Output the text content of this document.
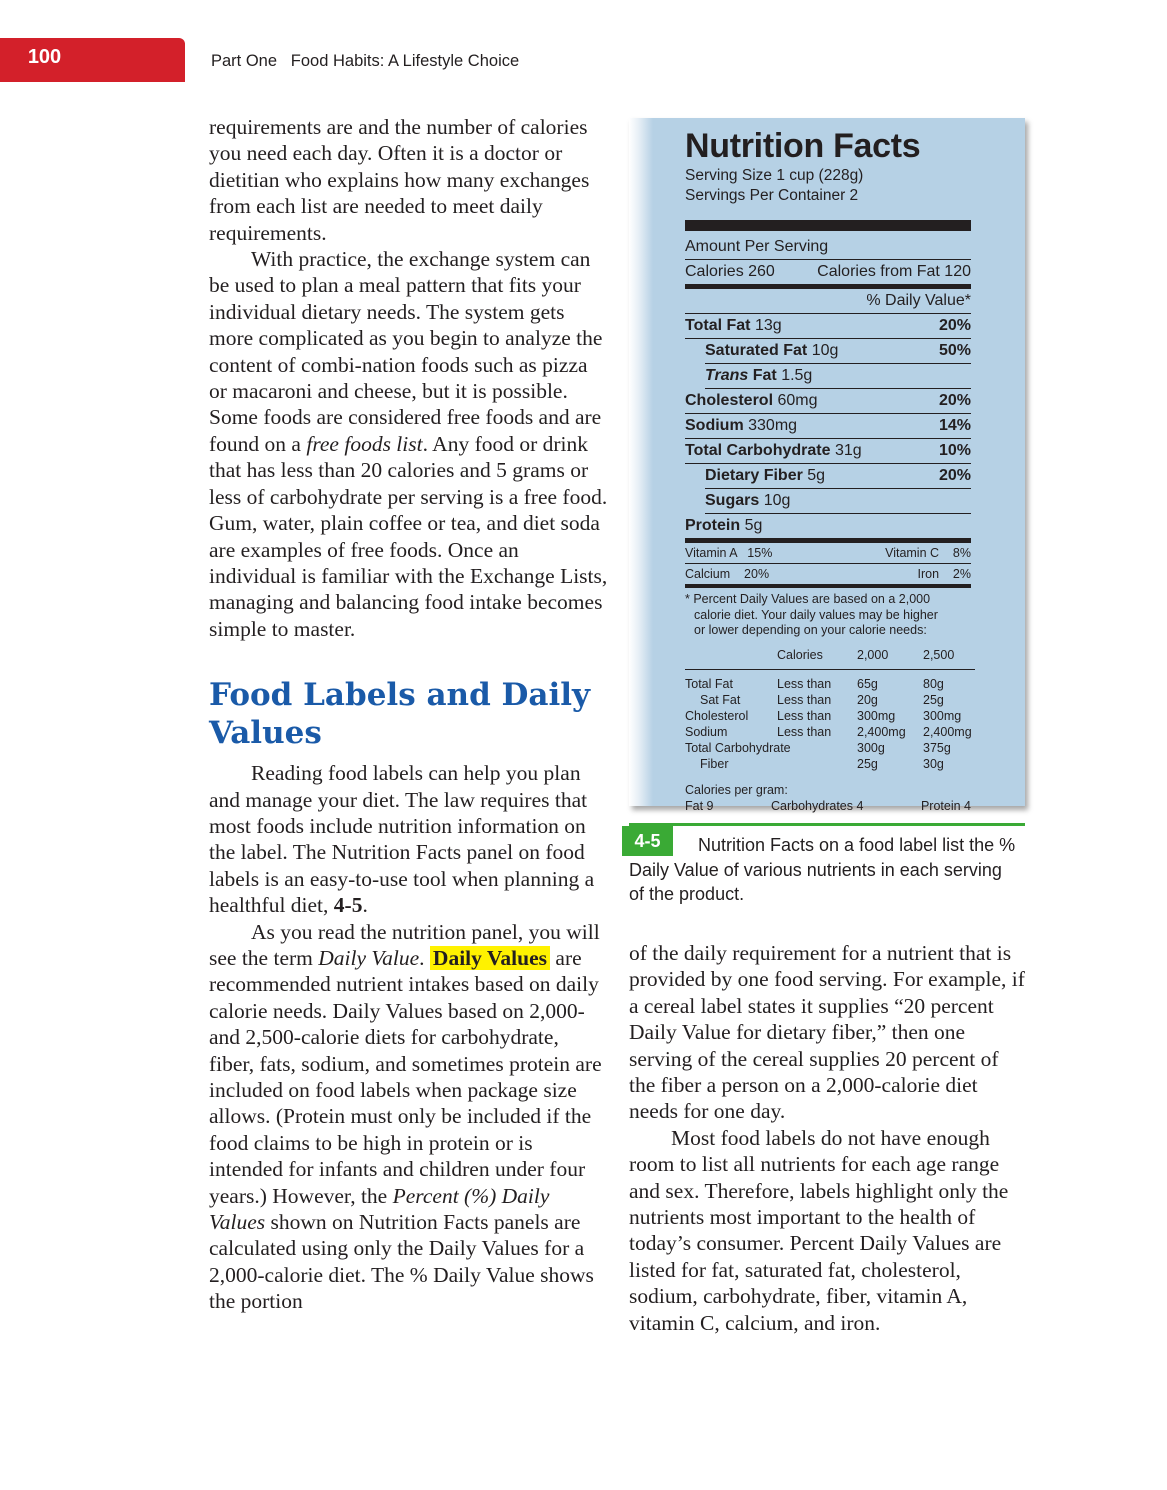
100	Part One   Food Habits: A Lifestyle Choice

requirements are and the number of calories you need each day. Often it is a doctor or dietitian who explains how many exchanges from each list are needed to meet daily requirements.

With practice, the exchange system can be used to plan a meal pattern that fits your individual dietary needs. The system gets more complicated as you begin to analyze the content of combi-nation foods such as pizza or macaroni and cheese, but it is possible. Some foods are considered free foods and are found on a free foods list. Any food or drink that has less than 20 calories and 5 grams or less of carbohydrate per serving is a free food. Gum, water, plain coffee or tea, and diet soda are examples of free foods. Once an individual is familiar with the Exchange Lists, managing and balancing food intake becomes simple to master.

Food Labels and Daily Values

Reading food labels can help you plan and manage your diet. The law requires that most foods include nutrition information on the label. The Nutrition Facts panel on food labels is an easy-to-use tool when planning a healthful diet, 4-5.

As you read the nutrition panel, you will see the term Daily Value. Daily Values are recommended nutrient intakes based on daily calorie needs. Daily Values based on 2,000- and 2,500-calorie diets for carbohydrate, fiber, fats, sodium, and sometimes protein are included on food labels when package size allows. (Protein must only be included if the food claims to be high in protein or is intended for infants and children under four years.) However, the Percent (%) Daily Values shown on Nutrition Facts panels are calculated using only the Daily Values for a 2,000-calorie diet. The % Daily Value shows the portion

Nutrition Facts
Serving Size 1 cup (228g)
Servings Per Container 2
Amount Per Serving
Calories 260	Calories from Fat 120
% Daily Value*
Total Fat 13g	20%
Saturated Fat 10g	50%
Trans Fat 1.5g
Cholesterol 60mg	20%
Sodium 330mg	14%
Total Carbohydrate 31g	10%
Dietary Fiber 5g	20%
Sugars 10g
Protein 5g
Vitamin A   15%	Vitamin C    8%
Calcium    20%	Iron    2%
* Percent Daily Values are based on a 2,000
calorie diet. Your daily values may be higher
or lower depending on your calorie needs:
	Calories	2,000	2,500
Total Fat	Less than	65g	80g
Sat Fat	Less than	20g	25g
Cholesterol	Less than	300mg	300mg
Sodium	Less than	2,400mg	2,400mg
Total Carbohydrate		300g	375g
Fiber		25g	30g
Calories per gram:
Fat 9	Carbohydrates 4	Protein 4
Nutrition Facts on a food label list the % Daily Value of various nutrients in each serving of the product.
4-5

of the daily requirement for a nutrient that is provided by one food serving. For example, if a cereal label states it supplies “20 percent Daily Value for dietary fiber,” then one serving of the cereal supplies 20 percent of the fiber a person on a 2,000-calorie diet needs for one day.

Most food labels do not have enough room to list all nutrients for each age range and sex. Therefore, labels highlight only the nutrients most important to the health of today’s consumer. Percent Daily Values are listed for fat, saturated fat, cholesterol, sodium, carbohydrate, fiber, vitamin A, vitamin C, calcium, and iron.
